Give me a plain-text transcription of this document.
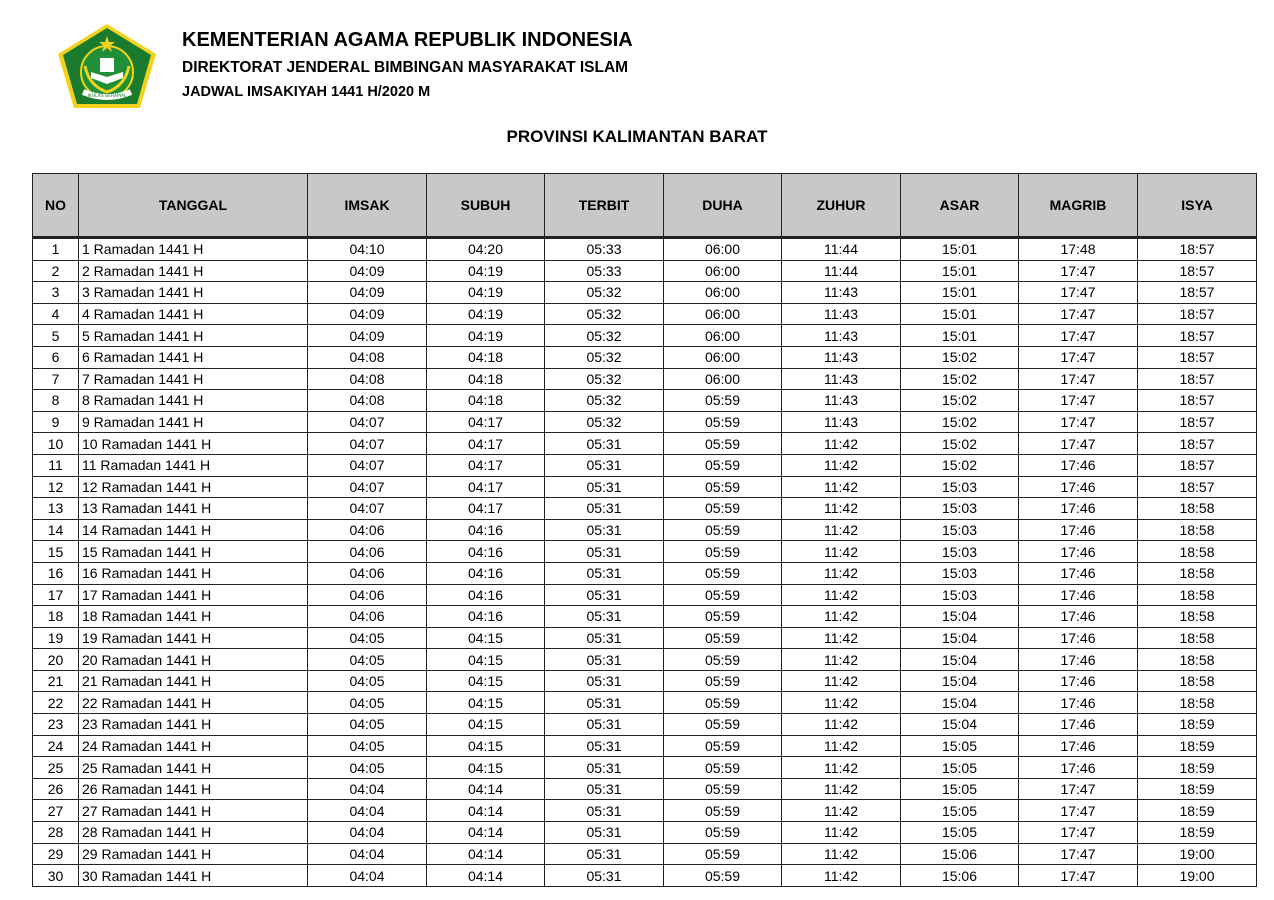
IKHLAS BERAMAL
KEMENTERIAN AGAMA REPUBLIK INDONESIA
DIREKTORAT JENDERAL BIMBINGAN MASYARAKAT ISLAM
JADWAL IMSAKIYAH 1441 H/2020 M
PROVINSI KALIMANTAN BARAT
NO	TANGGAL	IMSAK	SUBUH	TERBIT	DUHA	ZUHUR	ASAR	MAGRIB	ISYA
1	1 Ramadan 1441 H	04:10	04:20	05:33	06:00	11:44	15:01	17:48	18:57
2	2 Ramadan 1441 H	04:09	04:19	05:33	06:00	11:44	15:01	17:47	18:57
3	3 Ramadan 1441 H	04:09	04:19	05:32	06:00	11:43	15:01	17:47	18:57
4	4 Ramadan 1441 H	04:09	04:19	05:32	06:00	11:43	15:01	17:47	18:57
5	5 Ramadan 1441 H	04:09	04:19	05:32	06:00	11:43	15:01	17:47	18:57
6	6 Ramadan 1441 H	04:08	04:18	05:32	06:00	11:43	15:02	17:47	18:57
7	7 Ramadan 1441 H	04:08	04:18	05:32	06:00	11:43	15:02	17:47	18:57
8	8 Ramadan 1441 H	04:08	04:18	05:32	05:59	11:43	15:02	17:47	18:57
9	9 Ramadan 1441 H	04:07	04:17	05:32	05:59	11:43	15:02	17:47	18:57
10	10 Ramadan 1441 H	04:07	04:17	05:31	05:59	11:42	15:02	17:47	18:57
11	11 Ramadan 1441 H	04:07	04:17	05:31	05:59	11:42	15:02	17:46	18:57
12	12 Ramadan 1441 H	04:07	04:17	05:31	05:59	11:42	15:03	17:46	18:57
13	13 Ramadan 1441 H	04:07	04:17	05:31	05:59	11:42	15:03	17:46	18:58
14	14 Ramadan 1441 H	04:06	04:16	05:31	05:59	11:42	15:03	17:46	18:58
15	15 Ramadan 1441 H	04:06	04:16	05:31	05:59	11:42	15:03	17:46	18:58
16	16 Ramadan 1441 H	04:06	04:16	05:31	05:59	11:42	15:03	17:46	18:58
17	17 Ramadan 1441 H	04:06	04:16	05:31	05:59	11:42	15:03	17:46	18:58
18	18 Ramadan 1441 H	04:06	04:16	05:31	05:59	11:42	15:04	17:46	18:58
19	19 Ramadan 1441 H	04:05	04:15	05:31	05:59	11:42	15:04	17:46	18:58
20	20 Ramadan 1441 H	04:05	04:15	05:31	05:59	11:42	15:04	17:46	18:58
21	21 Ramadan 1441 H	04:05	04:15	05:31	05:59	11:42	15:04	17:46	18:58
22	22 Ramadan 1441 H	04:05	04:15	05:31	05:59	11:42	15:04	17:46	18:58
23	23 Ramadan 1441 H	04:05	04:15	05:31	05:59	11:42	15:04	17:46	18:59
24	24 Ramadan 1441 H	04:05	04:15	05:31	05:59	11:42	15:05	17:46	18:59
25	25 Ramadan 1441 H	04:05	04:15	05:31	05:59	11:42	15:05	17:46	18:59
26	26 Ramadan 1441 H	04:04	04:14	05:31	05:59	11:42	15:05	17:47	18:59
27	27 Ramadan 1441 H	04:04	04:14	05:31	05:59	11:42	15:05	17:47	18:59
28	28 Ramadan 1441 H	04:04	04:14	05:31	05:59	11:42	15:05	17:47	18:59
29	29 Ramadan 1441 H	04:04	04:14	05:31	05:59	11:42	15:06	17:47	19:00
30	30 Ramadan 1441 H	04:04	04:14	05:31	05:59	11:42	15:06	17:47	19:00
